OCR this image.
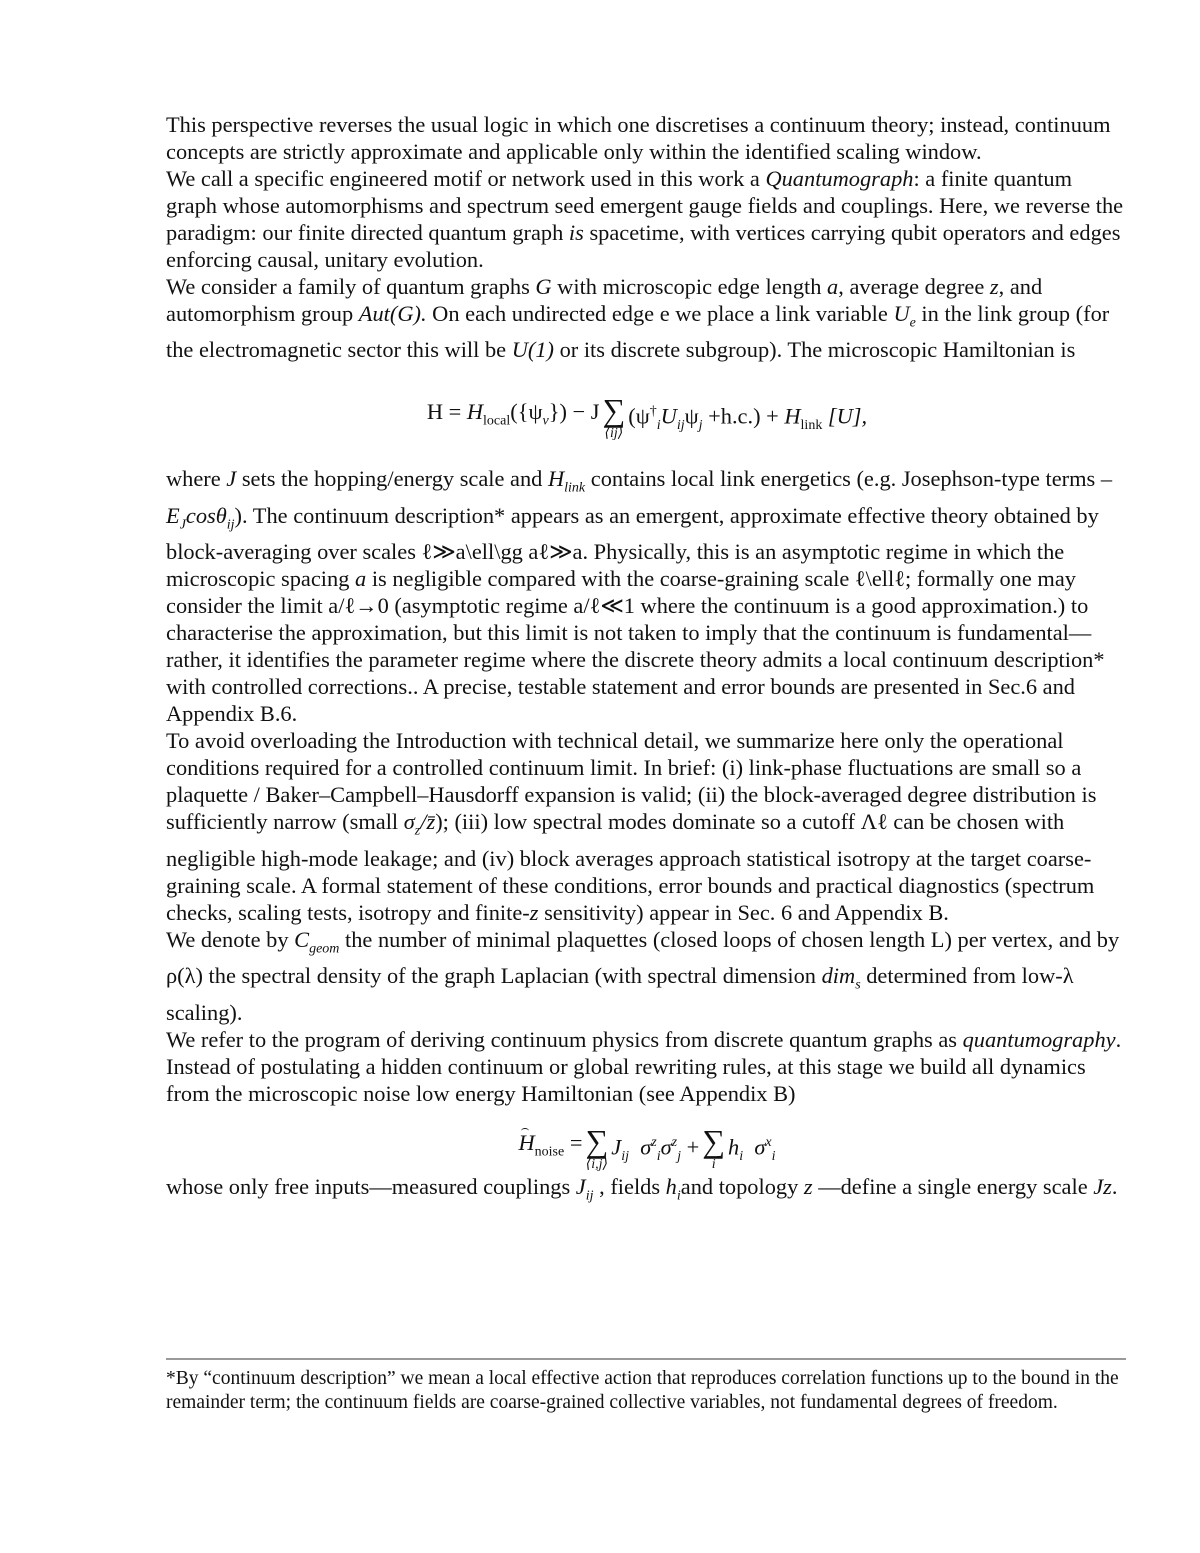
This perspective reverses the usual logic in which one discretises a continuum theory; instead, continuum concepts are strictly approximate and applicable only within the identified scaling window.

We call a specific engineered motif or network used in this work a Quantumograph: a finite quantum graph whose automorphisms and spectrum seed emergent gauge fields and couplings. Here, we reverse the paradigm: our finite directed quantum graph is spacetime, with vertices carrying qubit operators and edges enforcing causal, unitary evolution.

We consider a family of quantum graphs G with microscopic edge length a, average degree z, and automorphism group Aut(G). On each undirected edge e we place a link variable $U_e$ in the link group (for the electromagnetic sector this will be U(1) or its discrete subgroup). The microscopic Hamiltonian is

$H = H_{local}(\{\psi_v\}) - J$ ∑
⟨ij⟩
$(\psi^\dagger_iU_{ij}\psi_j +h.c.) + H_{link}$ [U],

where J sets the hopping/energy scale and $H_{link}$ contains local link energetics (e.g. Josephson-type terms $-E_J\cos\theta_{ij}$). The continuum description* appears as an emergent, approximate effective theory obtained by block-averaging over scales ℓ≫a\ell\gg aℓ≫a. Physically, this is an asymptotic regime in which the microscopic spacing a is negligible compared with the coarse-graining scale ℓ\ellℓ; formally one may consider the limit a/ℓ→0 (asymptotic regime a/ℓ≪1 where the continuum is a good approximation.) to characterise the approximation, but this limit is not taken to imply that the continuum is fundamental—rather, it identifies the parameter regime where the discrete theory admits a local continuum description* with controlled corrections.. A precise, testable statement and error bounds are presented in Sec.6 and Appendix B.6.

To avoid overloading the Introduction with technical detail, we summarize here only the operational conditions required for a controlled continuum limit. In brief: (i) link-phase fluctuations are small so a plaquette / Baker–Campbell–Hausdorff expansion is valid; (ii) the block-averaged degree distribution is sufficiently narrow (small $\sigma_z/z̄$); (iii) low spectral modes dominate so a cutoff Λℓ can be chosen with negligible high-mode leakage; and (iv) block averages approach statistical isotropy at the target coarse-graining scale. A formal statement of these conditions, error bounds and practical diagnostics (spectrum checks, scaling tests, isotropy and finite-z sensitivity) appear in Sec. 6 and Appendix B.

We denote by $C_{geom}$ the number of minimal plaquettes (closed loops of chosen length L) per vertex, and by ρ(λ) the spectral density of the graph Laplacian (with spectral dimension dim$_s$ determined from low-λ scaling).

We refer to the program of deriving continuum physics from discrete quantum graphs as quantumography. Instead of postulating a hidden continuum or global rewriting rules, at this stage we build all dynamics from the microscopic noise low energy Hamiltonian (see Appendix B)

$H_{noise}$ = ∑
⟨i,j⟩
$J_{ij}$ $\sigma^z_i\sigma^z_j$ + ∑
i
$h_i$ $\sigma^x_i$

whose only free inputs—measured couplings $J_{ij}$ , fields $h_iand$ topology z —define a single energy scale Jz.

*By “continuum description” we mean a local effective action that reproduces correlation functions up to the bound in the remainder term; the continuum fields are coarse-grained collective variables, not fundamental degrees of freedom.
